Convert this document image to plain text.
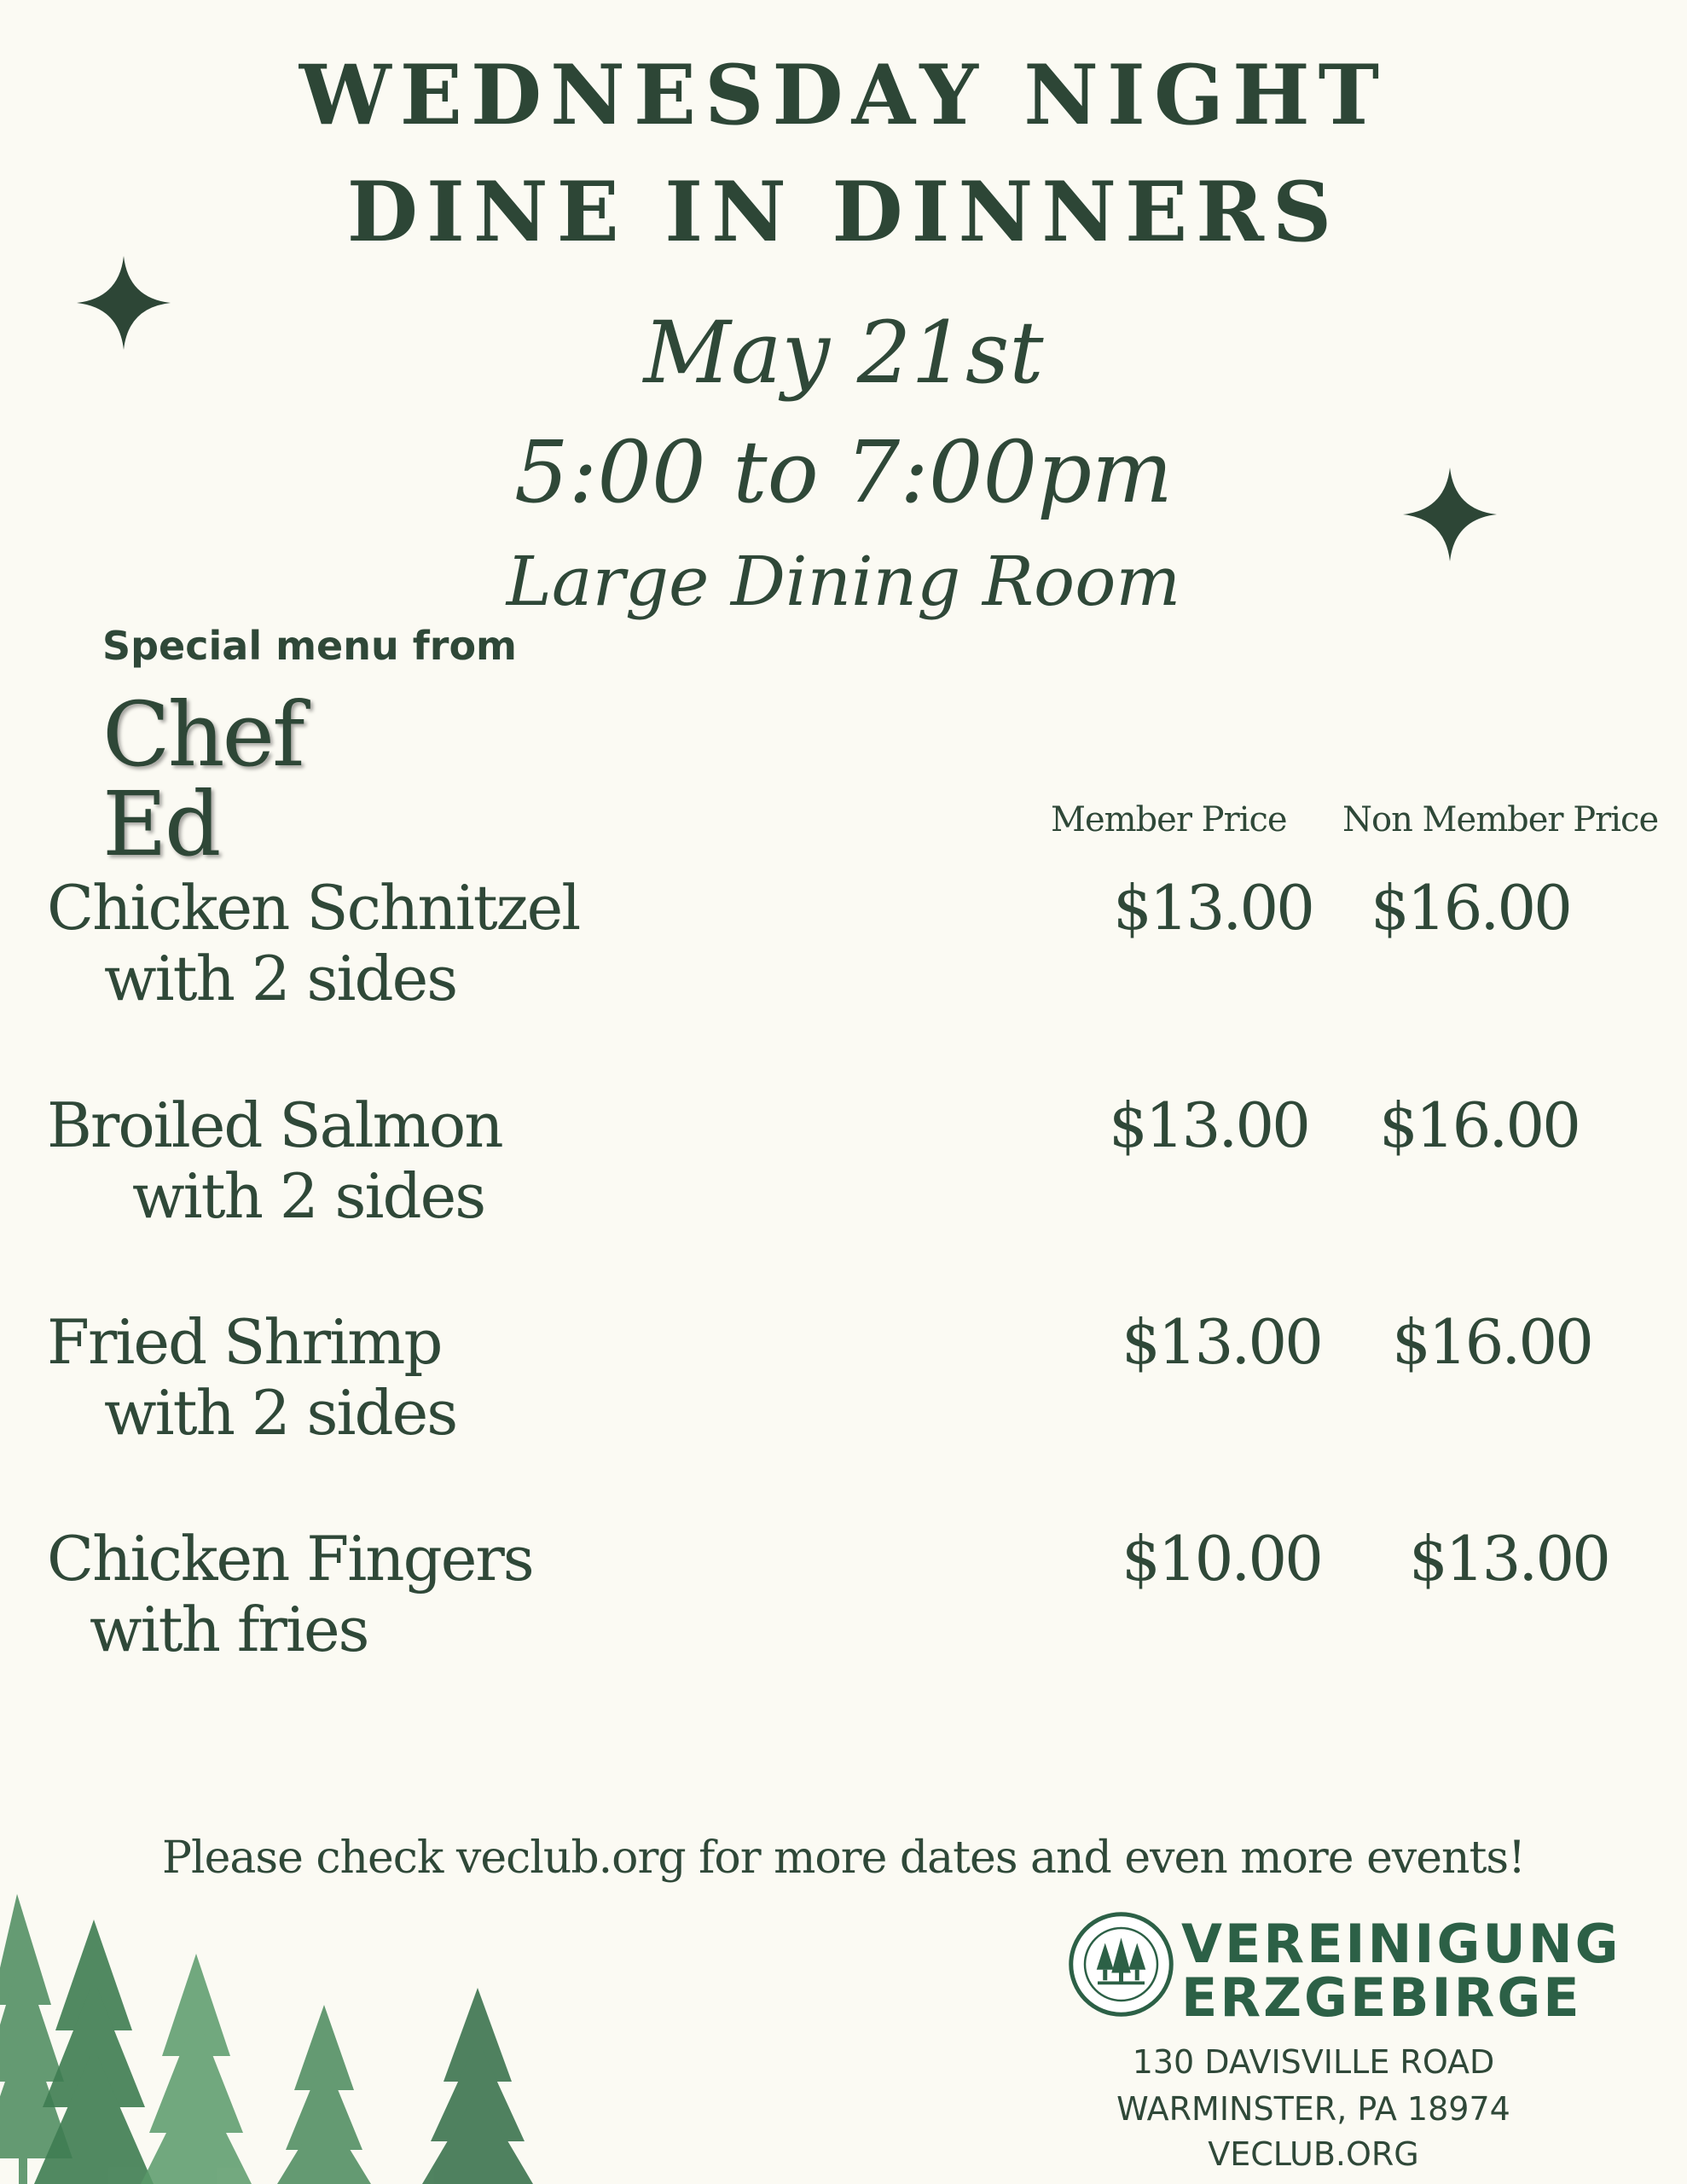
WEDNESDAY NIGHT
DINE IN DINNERS
May 21st
5:00 to 7:00pm
Large Dining Room
Special menu from
Chef
Ed	Member Price Non Member Price
Chicken Schnitzel
with 2 sides
$13.00 $16.00
Broiled Salmon
with 2 sides
$13.00 $16.00
Fried Shrimp
with 2 sides
$13.00 $16.00
Chicken Fingers
with fries
$10.00 $13.00
Please check veclub.org for more dates and even more events!
VEREINIGUNG
ERZGEBIRGE
130 DAVISVILLE ROAD
WARMINSTER, PA 18974
VECLUB.ORG
